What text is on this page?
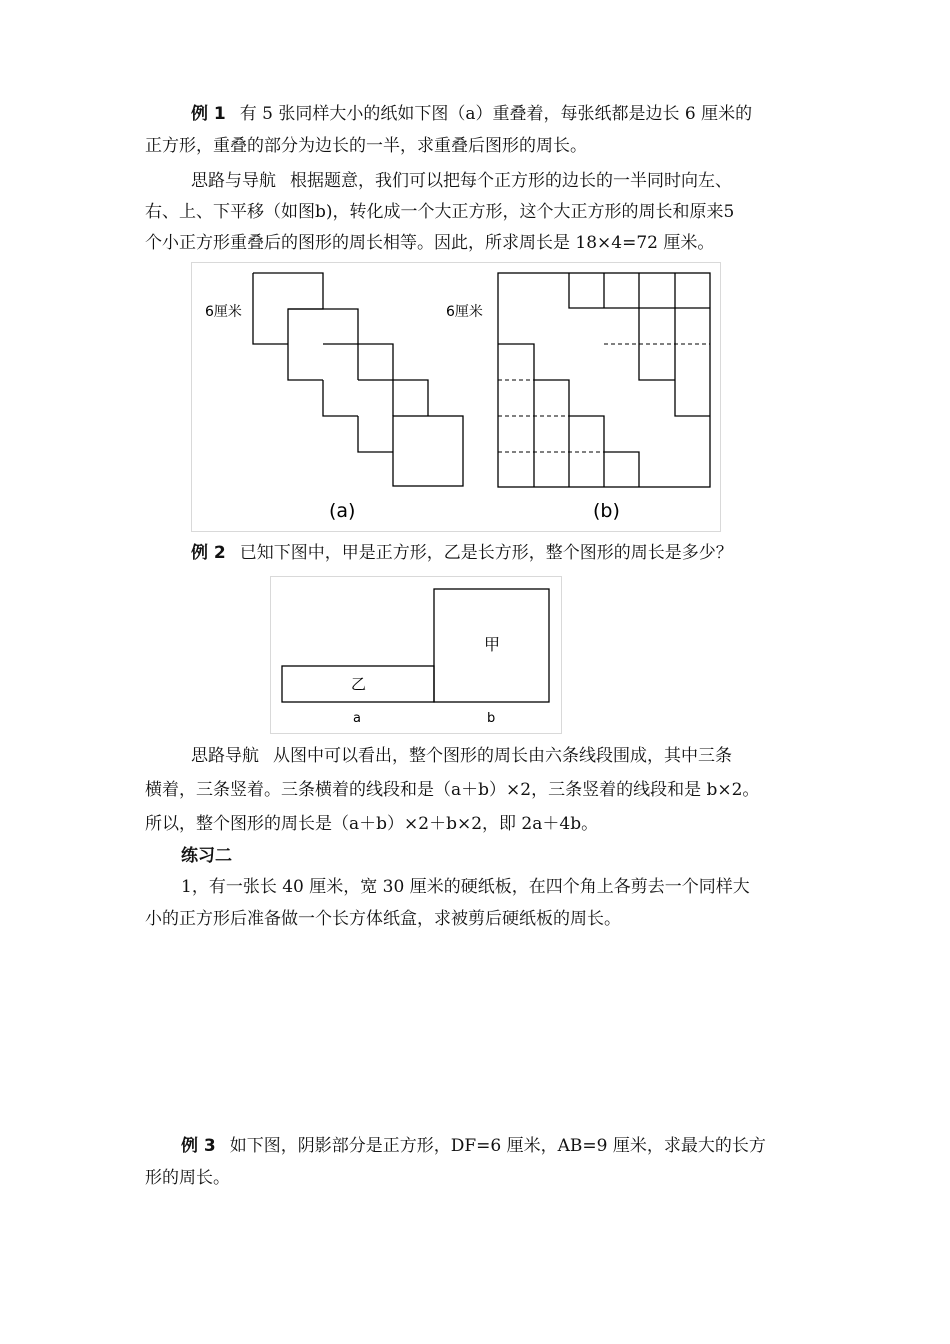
例 1 有 5 张同样大小的纸如下图（a）重叠着，每张纸都是边长 6 厘米的
正方形，重叠的部分为边长的一半，求重叠后图形的周长。
思路与导航 根据题意，我们可以把每个正方形的边长的一半同时向左、
右、上、下平移（如图b)，转化成一个大正方形，这个大正方形的周长和原来5
个小正方形重叠后的图形的周长相等。因此，所求周长是 18×4=72 厘米。
6厘米
(a)
6厘米
(b)
例 2 已知下图中，甲是正方形，乙是长方形，整个图形的周长是多少？
甲
乙
a	b
思路导航 从图中可以看出，整个图形的周长由六条线段围成，其中三条
横着，三条竖着。三条横着的线段和是（a＋b）×2，三条竖着的线段和是 b×2。
所以，整个图形的周长是（a＋b）×2＋b×2，即 2a＋4b。
练习二
1，有一张长 40 厘米，宽 30 厘米的硬纸板，在四个角上各剪去一个同样大
小的正方形后准备做一个长方体纸盒，求被剪后硬纸板的周长。
例 3 如下图，阴影部分是正方形，DF=6 厘米，AB=9 厘米，求最大的长方
形的周长。
